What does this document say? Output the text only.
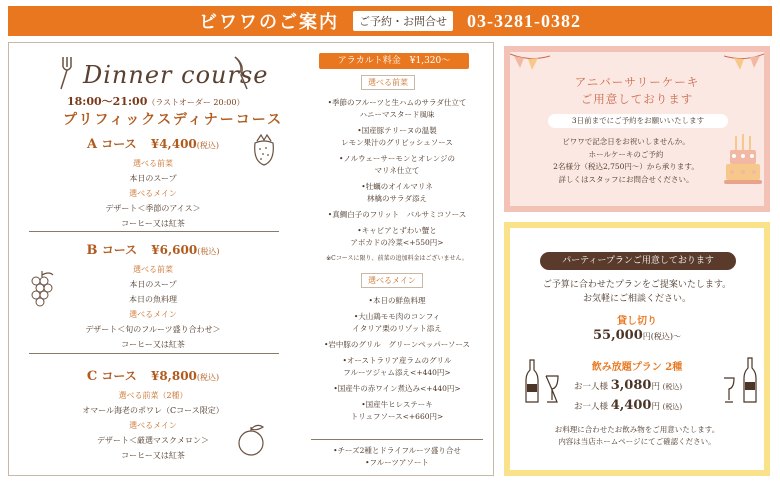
ビワワのご案内	ご予約・お問合せ	03-3281-0382
Dinner course
18:00〜21:00（ラストオーダー 20:00）
プリフィックスディナーコース
A コース ¥4,400(税込)
選べる前菜
本日のスープ
選べるメイン
デザート＜季節のアイス＞
コーヒー又は紅茶
B コース ¥6,600(税込)
選べる前菜
本日のスープ
本日の魚料理
選べるメイン
デザート＜旬のフルーツ盛り合わせ＞
コーヒー又は紅茶
C コース ¥8,800(税込)
選べる前菜（2種）
オマール海老のポワレ（Cコース限定）
選べるメイン
デザート＜厳選マスクメロン＞
コーヒー又は紅茶
アラカルト料金　¥1,320〜
選べる前菜
•季節のフルーツと生ハムのサラダ仕立て
ハニーマスタード風味
•国産豚テリーヌの温製
レモン果汁のグリビッシュソース
•ノルウェーサーモンとオレンジの
マリネ仕立て
•牡蠣のオイルマリネ
林檎のサラダ添え
•真鯛白子のフリット　バルサミコソース
•キャビアとずわい蟹と
アボカドの冷菜<+550円>
※Cコースに限り、前菜の追加料金はございません。
選べるメイン
•本日の鮮魚料理
•大山鶏モモ肉のコンフィ
イタリア栗のリゾット添え
•岩中豚のグリル　グリーンペッパーソース
•オーストラリア産ラムのグリル
フルーツジャム添え<+440円>
•国産牛の赤ワイン煮込み<+440円>
•国産牛ヒレステーキ
トリュフソース<+660円>
•チーズ2種とドライフルーツ盛り合せ
•フルーツアソート
アニバーサリーケーキ
ご用意しております
3日前までにご予約をお願いいたします
ビワワで記念日をお祝いしませんか。
ホールケーキのご予約
2名様分（税込2,750円〜）から承ります。
詳しくはスタッフにお問合せください。
パーティープランご用意しております
ご予算に合わせたプランをご提案いたします。
お気軽にご相談ください。
貸し切り
55,000円(税込)〜
飲み放題プラン 2種
お一人様 3,080円 (税込)
お一人様 4,400円 (税込)
お料理に合わせたお飲み物をご用意いたします。
内容は当店ホームページにてご確認ください。
